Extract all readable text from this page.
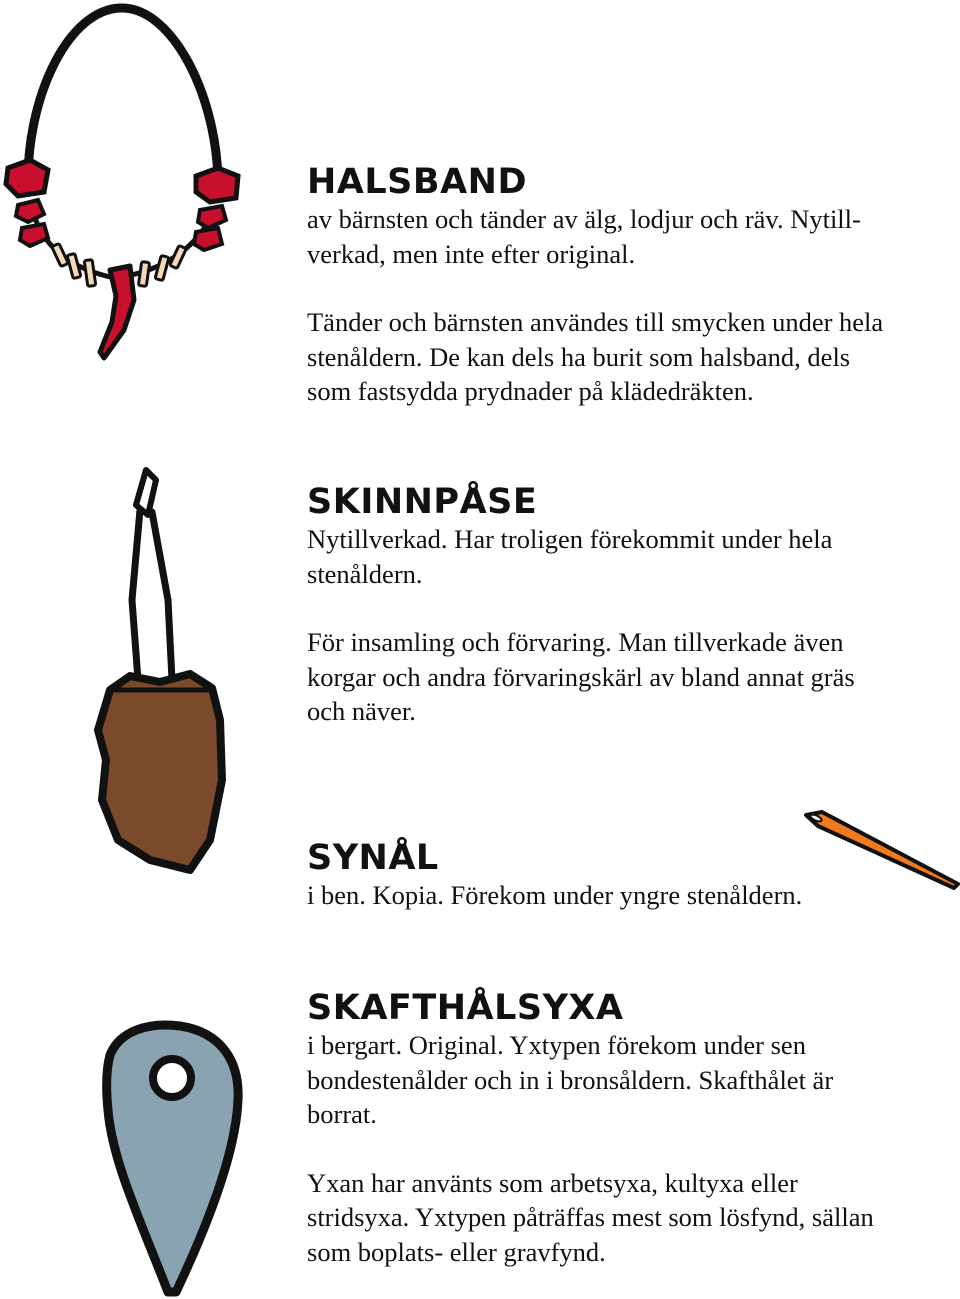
HALSBAND

av bärnsten och tänder av älg, lodjur och räv. Nytill-
verkad, men inte efter original.

Tänder och bärnsten användes till smycken under hela
stenåldern. De kan dels ha burit som halsband, dels
som fastsydda prydnader på klädedräkten.

SKINNPÅSE

Nytillverkad. Har troligen förekommit under hela
stenåldern.

För insamling och förvaring. Man tillverkade även
korgar och andra förvaringskärl av bland annat gräs
och näver.

SYNÅL

i ben. Kopia. Förekom under yngre stenåldern.

SKAFTHÅLSYXA

i bergart. Original. Yxtypen förekom under sen
bondestenålder och in i bronsåldern. Skafthålet är
borrat.

Yxan har använts som arbetsyxa, kultyxa eller
stridsyxa. Yxtypen påträffas mest som lösfynd, sällan
som boplats- eller gravfynd.
